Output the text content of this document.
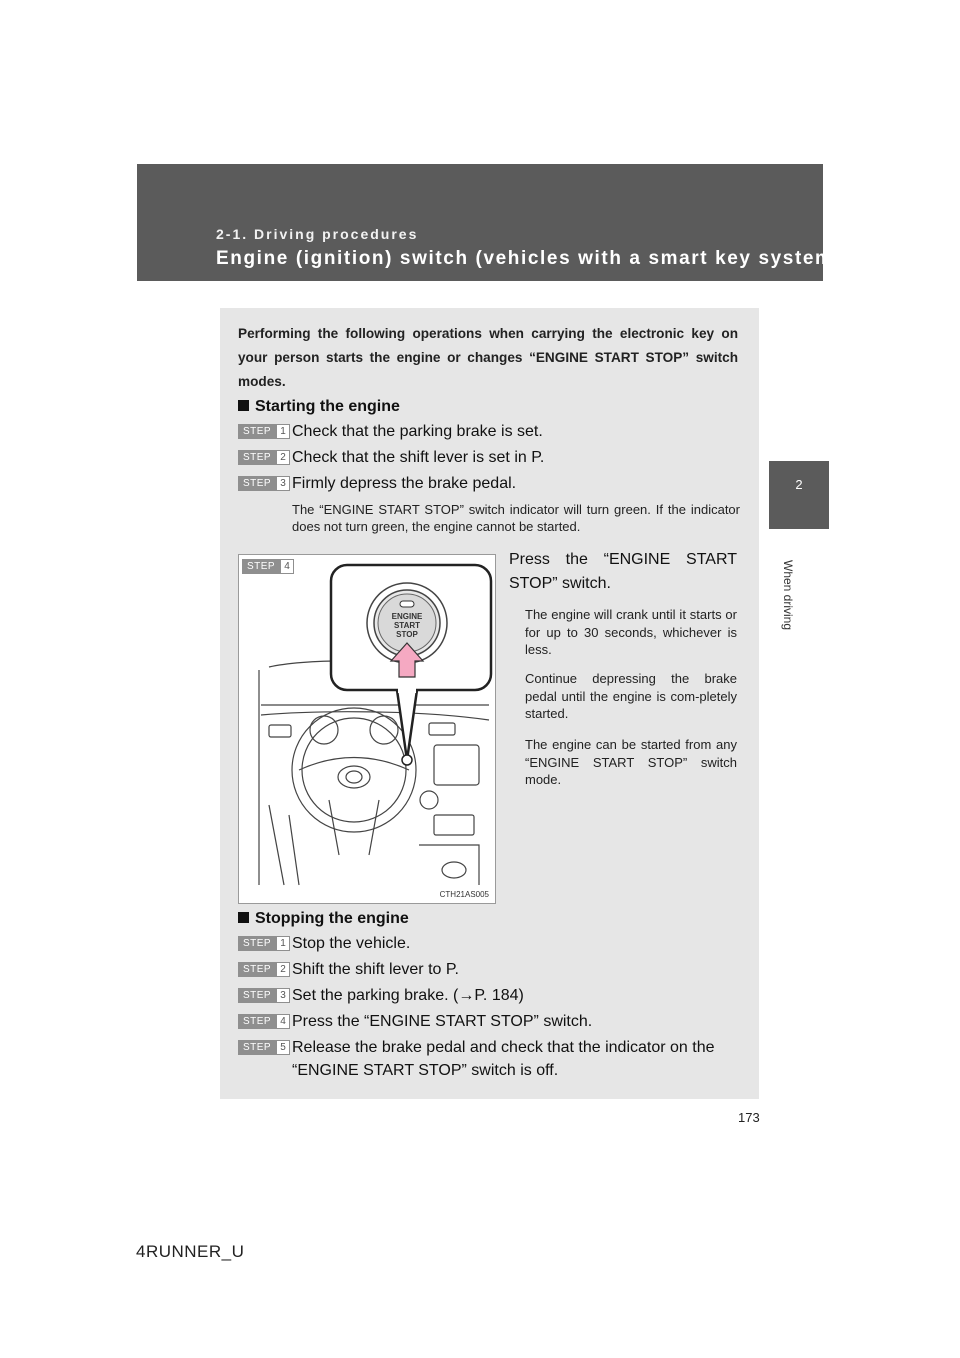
2-1. Driving procedures
Engine (ignition) switch (vehicles with a smart key system)
2
When driving
Performing the following operations when carrying the electronic key on your person starts the engine or changes “ENGINE START STOP” switch modes.
Starting the engine
STEP 1 Check that the parking brake is set.
STEP 2 Check that the shift lever is set in P.
STEP 3 Firmly depress the brake pedal.
The “ENGINE START STOP” switch indicator will turn green. If the indicator does not turn green, the engine cannot be started.
STEP 4
ENGINE
START
STOP
CTH21AS005
Press the “ENGINE START STOP” switch.
The engine will crank until it starts or for up to 30 seconds, whichever is less.
Continue depressing the brake pedal until the engine is com-pletely started.
The engine can be started from any “ENGINE START STOP” switch mode.
Stopping the engine
STEP 1 Stop the vehicle.
STEP 2 Shift the shift lever to P.
STEP 3 Set the parking brake. (→P. 184)
STEP 4 Press the “ENGINE START STOP” switch.
STEP 5 Release the brake pedal and check that the indicator on the
“ENGINE START STOP” switch is off.
173
4RUNNER_U
